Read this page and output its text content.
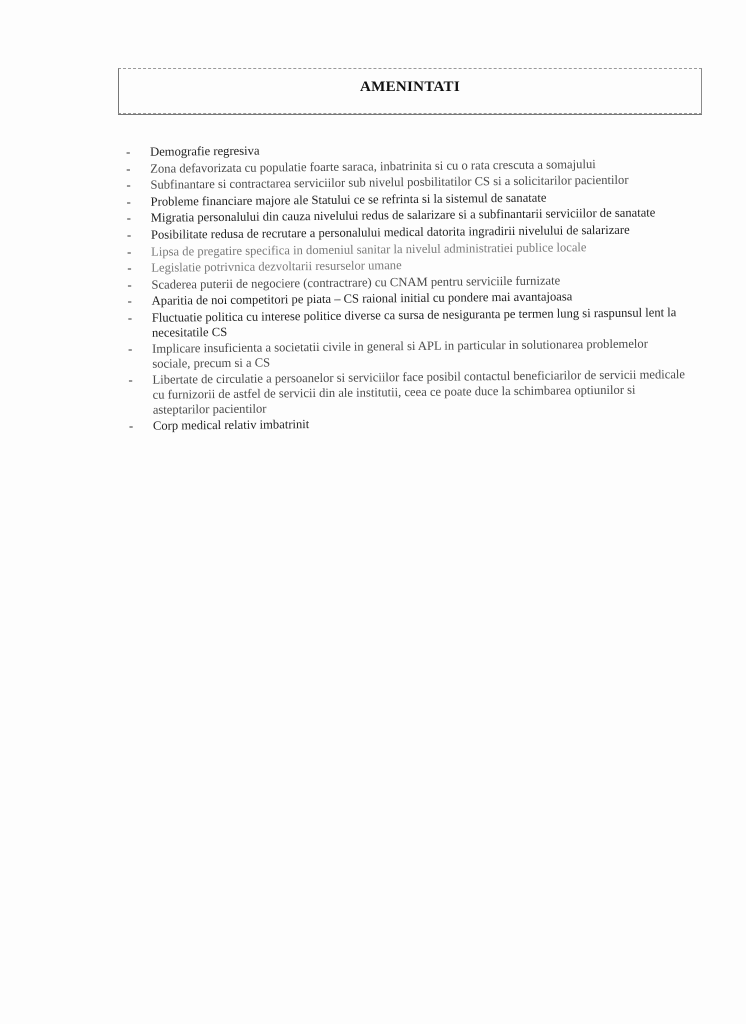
AMENINTATI
-	Demografie regresiva
-	Zona defavorizata cu populatie foarte saraca, inbatrinita si cu o rata crescuta a somajului
-	Subfinantare si contractarea serviciilor sub nivelul posbilitatilor CS si a solicitarilor pacientilor
-	Probleme financiare majore ale Statului ce se refrinta si la sistemul de sanatate
-	Migratia personalului din cauza nivelului redus de salarizare si a subfinantarii serviciilor de sanatate
-	Posibilitate redusa de recrutare a personalului medical datorita ingradirii nivelului de salarizare
-	Lipsa de pregatire specifica in domeniul sanitar la nivelul administratiei publice locale
-	Legislatie potrivnica dezvoltarii resurselor umane
-	Scaderea puterii de negociere (contractrare) cu CNAM pentru serviciile furnizate
-	Aparitia de noi competitori pe piata – CS raional initial cu pondere mai avantajoasa
-	Fluctuatie politica cu interese politice diverse ca sursa de nesiguranta pe termen lung si raspunsul lent la necesitatile CS
-	Implicare insuficienta a societatii civile in general si APL in particular in solutionarea problemelor sociale, precum si a CS
-	Libertate de circulatie a persoanelor si serviciilor face posibil contactul beneficiarilor de servicii medicale cu furnizorii de astfel de servicii din ale institutii, ceea ce poate duce la schimbarea optiunilor si asteptarilor pacientilor
-	Corp medical relativ imbatrinit
